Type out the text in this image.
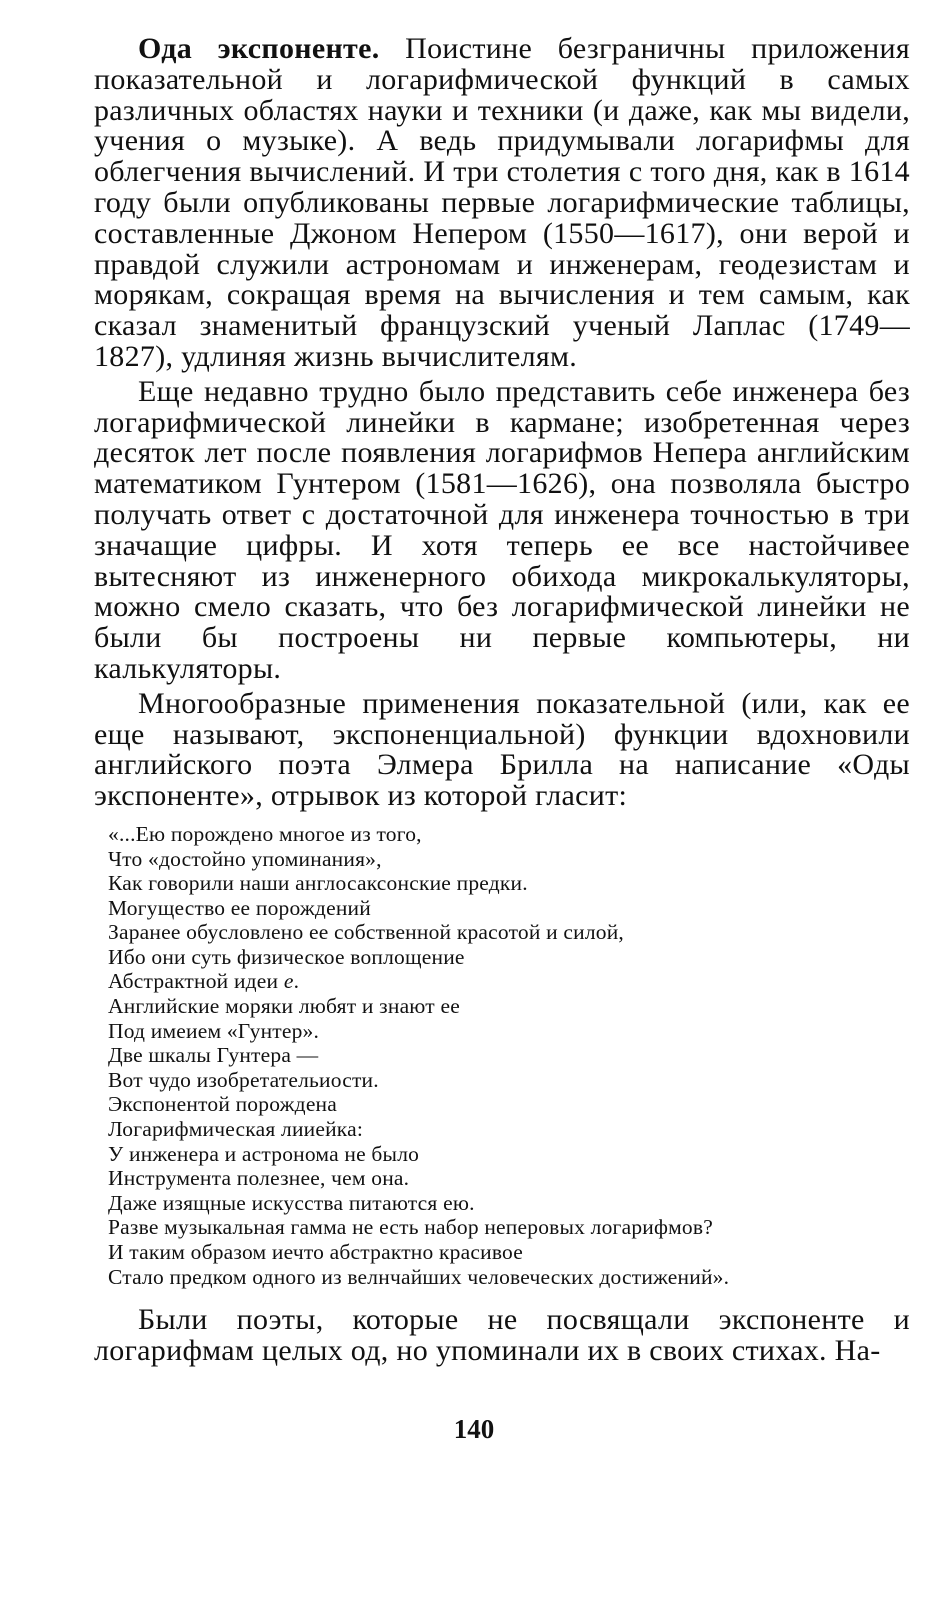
Ода экспоненте. Поистине безграничны приложения показательной и логарифмической функций в самых различных областях науки и техники (и даже, как мы видели, учения о музыке). А ведь придумывали логарифмы для облегчения вычислений. И три столетия с того дня, как в 1614 году были опубликованы первые логарифмические таблицы, составленные Джоном Непером (1550—1617), они верой и правдой служили астрономам и инженерам, геодезистам и морякам, сокращая время на вычисления и тем самым, как сказал знаменитый французский ученый Лаплас (1749—1827), удлиняя жизнь вычислителям.

Еще недавно трудно было представить себе инженера без логарифмической линейки в кармане; изобретенная через десяток лет после появления логарифмов Непера английским математиком Гунтером (1581—1626), она позволяла быстро получать ответ с достаточной для инженера точностью в три значащие цифры. И хотя теперь ее все настойчивее вытесняют из инженерного обихода микрокалькуляторы, можно смело сказать, что без логарифмической линейки не были бы построены ни первые компьютеры, ни калькуляторы.

Многообразные применения показательной (или, как ее еще называют, экспоненциальной) функции вдохновили английского поэта Элмера Брилла на написание «Оды экспоненте», отрывок из которой гласит:

«...Ею порождено многое из того,
Что «достойно упоминания»,
Как говорили наши англосаксонские предки.
Могущество ее порождений
Заранее обусловлено ее собственной красотой и силой,
Ибо они суть физическое воплощение
Абстрактной идеи e.
Английские моряки любят и знают ее
Под имеием «Гунтер».
Две шкалы Гунтера —
Вот чудо изобретательиости.
Экспонентой порождена
Логарифмическая лииейка:
У инженера и астронома не было
Инструмента полезнее, чем она.
Даже изящные искусства питаются ею.
Разве музыкальная гамма не есть набор неперовых логарифмов?
И таким образом иечто абстрактно красивое
Стало предком одного из велнчайших человеческих достижений».

Были поэты, которые не посвящали экспоненте и логарифмам целых од, но упоминали их в своих стихах. На-

140
